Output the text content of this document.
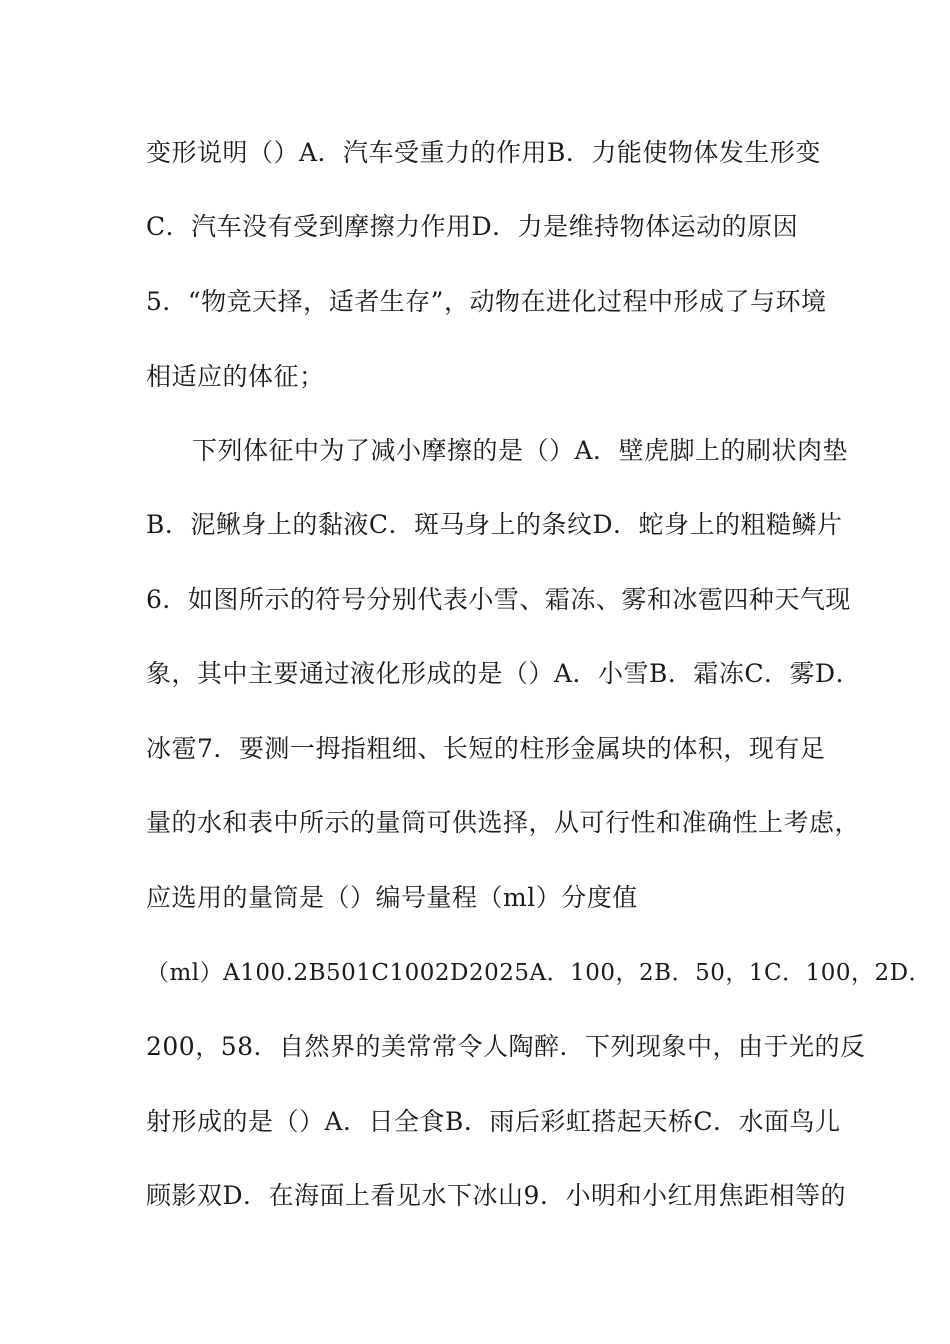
变形说明（）A．汽车受重力的作用B．力能使物体发生形变
C．汽车没有受到摩擦力作用D．力是维持物体运动的原因
5．“物竞天择，适者生存”，动物在进化过程中形成了与环境
相适应的体征；
下列体征中为了减小摩擦的是（）A．壁虎脚上的刷状肉垫
B．泥鳅身上的黏液C．斑马身上的条纹D．蛇身上的粗糙鳞片
6．如图所示的符号分别代表小雪、霜冻、雾和冰雹四种天气现
象，其中主要通过液化形成的是（）A．小雪B．霜冻C．雾D．
冰雹7．要测一拇指粗细、长短的柱形金属块的体积，现有足
量的水和表中所示的量筒可供选择，从可行性和准确性上考虑，
应选用的量筒是（）编号量程（ml）分度值
（ml）A100.2B501C1002D2025A．100，2B．50，1C．100，2D．
200，58．自然界的美常常令人陶醉．下列现象中，由于光的反
射形成的是（）A．日全食B．雨后彩虹搭起天桥C．水面鸟儿
顾影双D．在海面上看见水下冰山9．小明和小红用焦距相等的
